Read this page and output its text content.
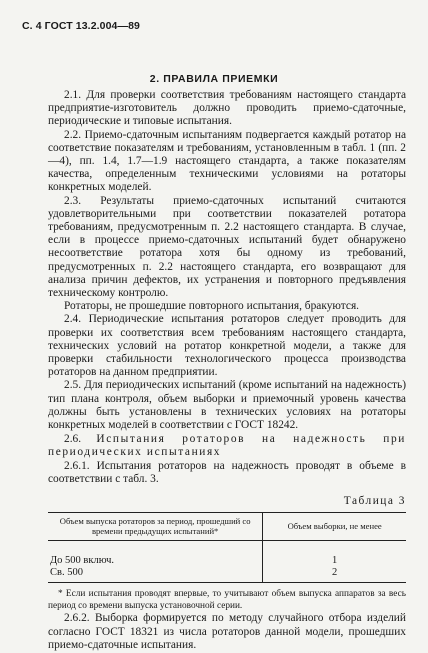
С. 4 ГОСТ 13.2.004—89
2. ПРАВИЛА ПРИЕМКИ

2.1. Для проверки соответствия требованиям настоящего стандарта предприятие-изготовитель должно проводить приемо-сдаточные, периодические и типовые испытания.

2.2. Приемо-сдаточным испытаниям подвергается каждый ротатор на соответствие показателям и требованиям, установленным в табл. 1 (пп. 2—4), пп. 1.4, 1.7—1.9 настоящего стандарта, а также показателям качества, определенным техническими условиями на ротаторы конкретных моделей.

2.3. Результаты приемо-сдаточных испытаний считаются удовлетворительными при соответствии показателей ротатора требованиям, предусмотренным п. 2.2 настоящего стандарта. В случае, если в процессе приемо-сдаточных испытаний будет обнаружено несоответствие ротатора хотя бы одному из требований, предусмотренных п. 2.2 настоящего стандарта, его возвращают для анализа причин дефектов, их устранения и повторного предъявления техническому контролю.

Ротаторы, не прошедшие повторного испытания, бракуются.

2.4. Периодические испытания ротаторов следует проводить для проверки их соответствия всем требованиям настоящего стандарта, технических условий на ротатор конкретной модели, а также для проверки стабильности технологического процесса производства ротаторов на данном предприятии.

2.5. Для периодических испытаний (кроме испытаний на надежность) тип плана контроля, объем выборки и приемочный уровень качества должны быть установлены в технических условиях на ротаторы конкретных моделей в соответствии с ГОСТ 18242.

2.6. Испытания ротаторов на надежность при периодических испытаниях

2.6.1. Испытания ротаторов на надежность проводят в объеме в соответствии с табл. 3.

Таблица 3
Объем выпуска ротаторов за период, прошедший со времени предыдущих испытаний*	Объем выборки, не менее

До 500 включ.	1
Св. 500	2
* Если испытания проводят впервые, то учитывают объем выпуска аппаратов за весь период со времени выпуска установочной серии.

2.6.2. Выборка формируется по методу случайного отбора изделий согласно ГОСТ 18321 из числа ротаторов данной модели, прошедших приемо-сдаточные испытания.
